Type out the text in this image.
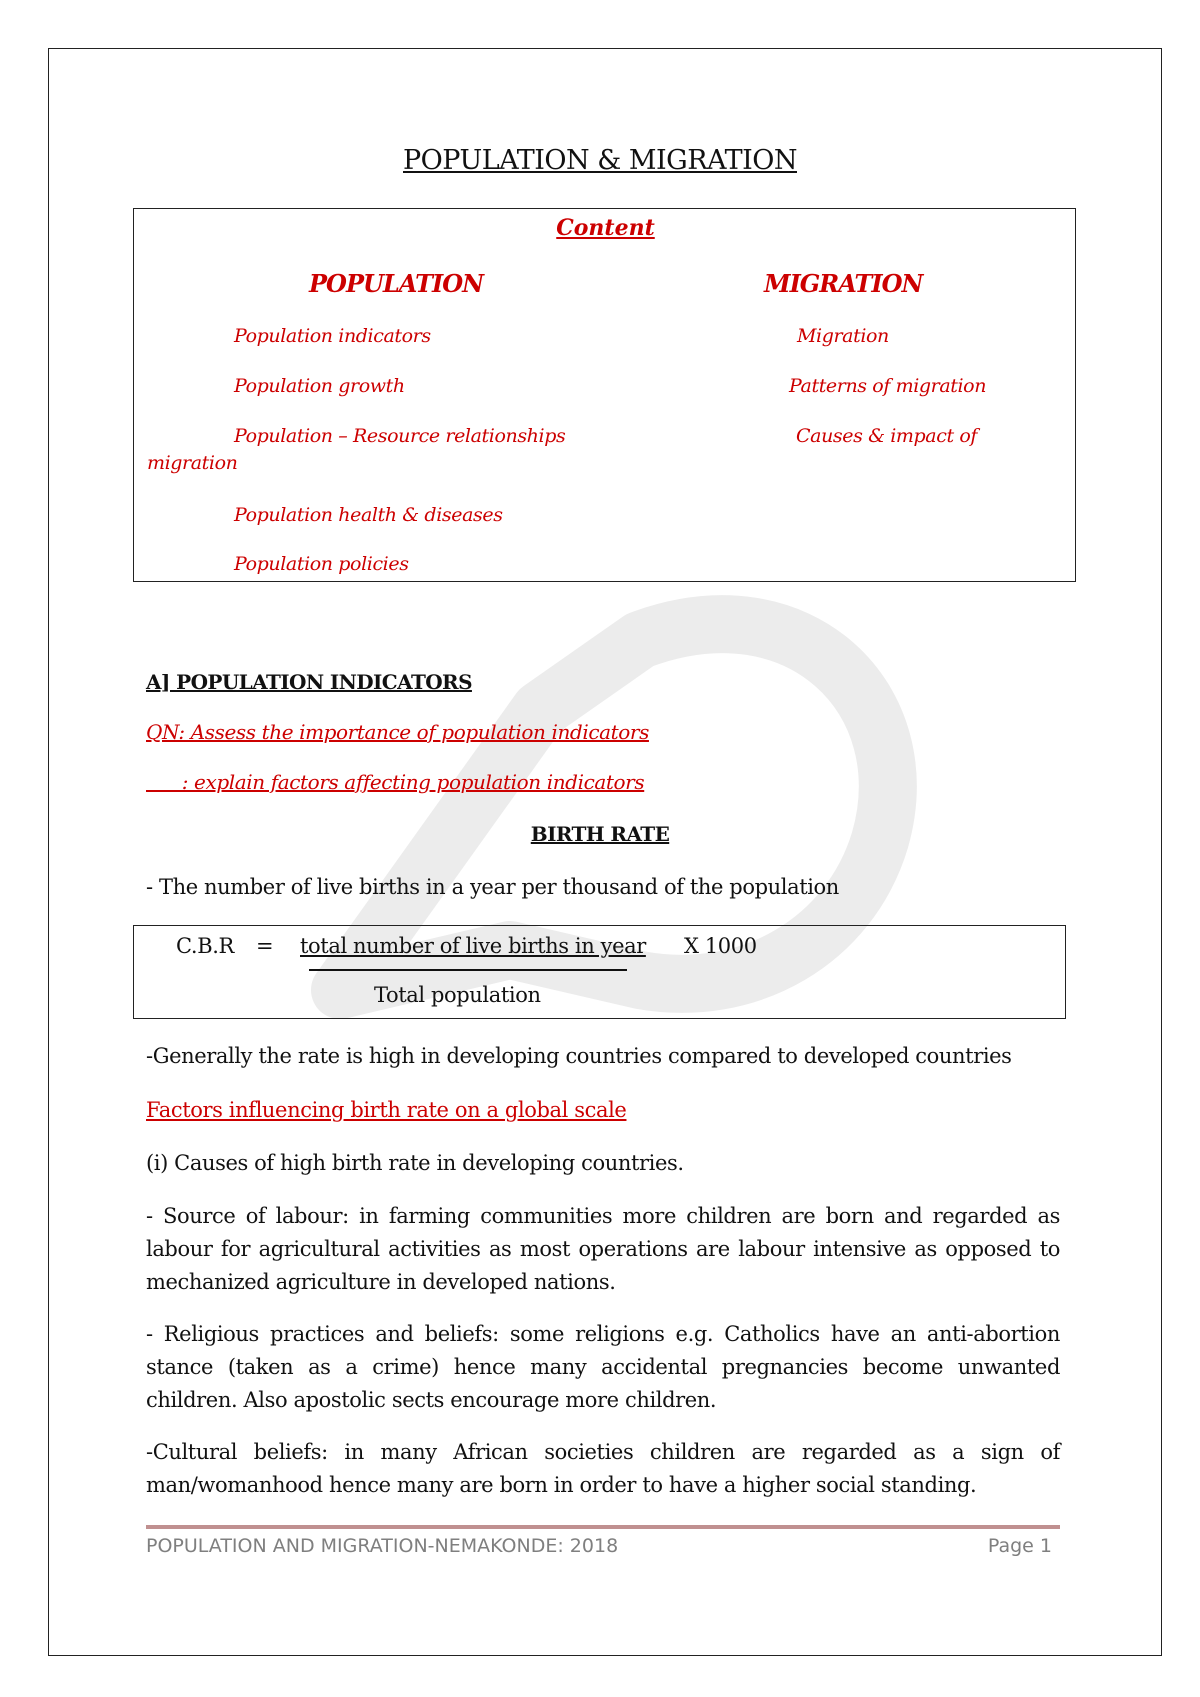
POPULATION & MIGRATION
Content
POPULATION	MIGRATION
Population indicators
Population growth
Population – Resource relationships
Population health & diseases
Population policies
Migration
Patterns of migration
Causes & impact of
migration
A] POPULATION INDICATORS
QN: Assess the importance of population indicators
: explain factors affecting population indicators
BIRTH RATE
- The number of live births in a year per thousand of the population
C.B.R = total number of live births in year X 1000
Total population
-Generally the rate is high in developing countries compared to developed countries
Factors influencing birth rate on a global scale
(i) Causes of high birth rate in developing countries.
- Source of labour: in farming communities more children are born and regarded as labour for agricultural activities as most operations are labour intensive as opposed to mechanized agriculture in developed nations.
- Religious practices and beliefs: some religions e.g. Catholics have an anti-abortion stance (taken as a crime) hence many accidental pregnancies become unwanted children. Also apostolic sects encourage more children.
-Cultural beliefs: in many African societies children are regarded as a sign of man/womanhood hence many are born in order to have a higher social standing.
POPULATION AND MIGRATION-NEMAKONDE: 2018	Page 1
